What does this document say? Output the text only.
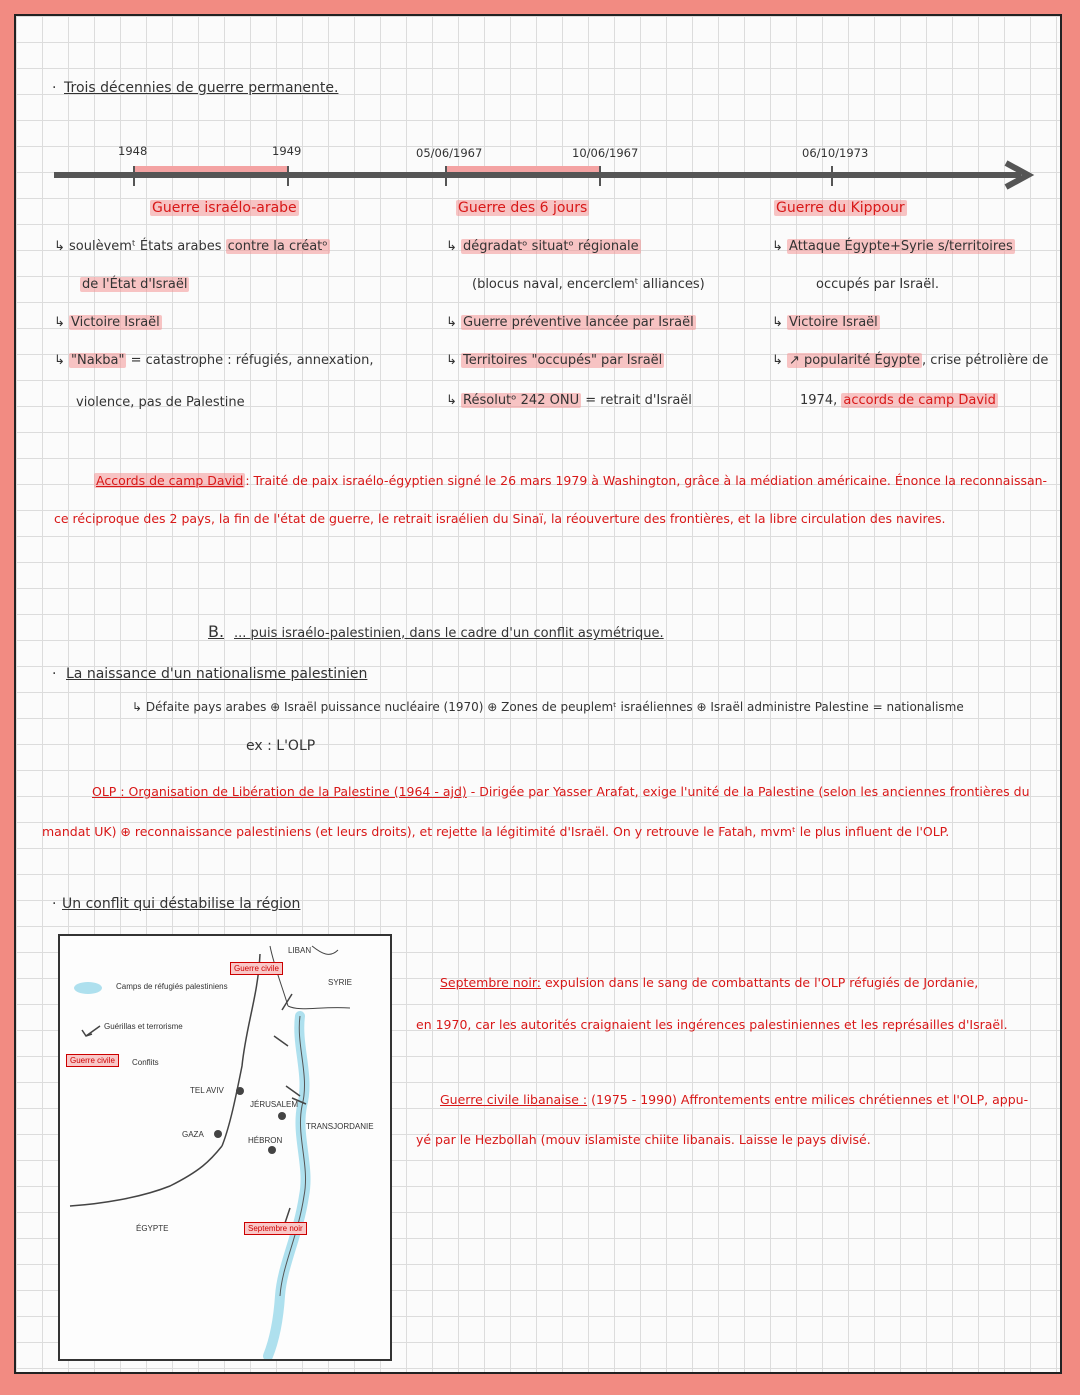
· Trois décennies de guerre permanente.
1948	1949	05/06/1967	10/06/1967	06/10/1973
Guerre israélo-arabe
↳ soulèvemᵗ États arabes contre la créatᵒ
de l'État d'Israël
↳ Victoire Israël
↳ "Nakba" = catastrophe : réfugiés, annexation,
violence, pas de Palestine
Guerre des 6 jours
↳ dégradatᵒ situatᵒ régionale
(blocus naval, encerclemᵗ alliances)
↳ Guerre préventive lancée par Israël
↳ Territoires "occupés" par Israël
↳ Résolutᵒ 242 ONU = retrait d'Israël
Guerre du Kippour
↳ Attaque Égypte+Syrie s/territoires
occupés par Israël.
↳ Victoire Israël
↳ ↗ popularité Égypte , crise pétrolière de
1974, accords de camp David
Accords de camp David : Traité de paix israélo-égyptien signé le 26 mars 1979 à Washington, grâce à la médiation américaine. Énonce la reconnaissan-
ce réciproque des 2 pays, la fin de l'état de guerre, le retrait israélien du Sinaï, la réouverture des frontières, et la libre circulation des navires.
B. ... puis israélo-palestinien, dans le cadre d'un conflit asymétrique.
· La naissance d'un nationalisme palestinien
↳ Défaite pays arabes ⊕ Israël puissance nucléaire (1970) ⊕ Zones de peuplemᵗ israéliennes ⊕ Israël administre Palestine = nationalisme
ex : L'OLP
OLP : Organisation de Libération de la Palestine (1964 - ajd) - Dirigée par Yasser Arafat, exige l'unité de la Palestine (selon les anciennes frontières du
mandat UK) ⊕ reconnaissance palestiniens (et leurs droits), et rejette la légitimité d'Israël. On y retrouve le Fatah, mvmᵗ le plus influent de l'OLP.
· Un conflit qui déstabilise la région
Camps de réfugiés palestiniens
Guérillas et terrorisme
Guerre civile	Conflits
LIBAN
Guerre civile
SYRIE
TEL AVIV
JÉRUSALEM
TRANSJORDANIE
GAZA
HÉBRON
ÉGYPTE	Septembre noir
Septembre noir: expulsion dans le sang de combattants de l'OLP réfugiés de Jordanie,
en 1970, car les autorités craignaient les ingérences palestiniennes et les représailles d'Israël.
Guerre civile libanaise : (1975 - 1990) Affrontements entre milices chrétiennes et l'OLP, appu-
yé par le Hezbollah (mouv islamiste chiite libanais. Laisse le pays divisé.
